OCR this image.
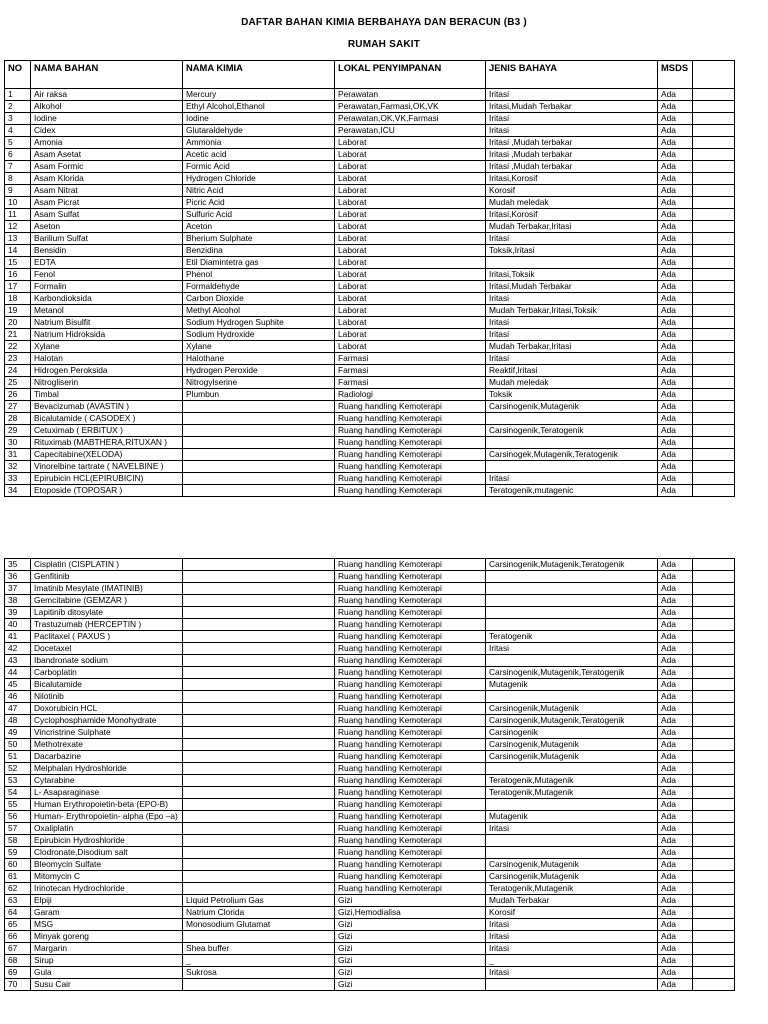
DAFTAR BAHAN KIMIA BERBAHAYA DAN BERACUN (B3 )
RUMAH SAKIT
NO	NAMA BAHAN	NAMA KIMIA	LOKAL PENYIMPANAN	JENIS BAHAYA	MSDS	
1	Air raksa	Mercury	Perawatan	Iritasi	Ada	
2	Alkohol	Ethyl Alcohol,Ethanol	Perawatan,Farmasi,OK,VK	Iritasi,Mudah Terbakar	Ada	
3	Iodine	Iodine	Perawatan,OK,VK,Farmasi	Iritasi	Ada	
4	Cidex	Glutaraldehyde	Perawatan,ICU	Iritasi	Ada	
5	Amonia	Ammonia	Laborat	Iritasi ,Mudah terbakar	Ada	
6	Asam Asetat	Acetic acid	Laborat	Iritasi ,Mudah terbakar	Ada	
7	Asam Formic	Formic Acid	Laborat	Iritasi ,Mudah terbakar	Ada	
8	Asam Klorida	Hydrogen Chloride	Laborat	Iritasi,Korosif	Ada	
9	Asam Nitrat	Nitric Acid	Laborat	Korosif	Ada	
10	Asam Picrat	Picric Acid	Laborat	Mudah meledak	Ada	
11	Asam Sulfat	Sulfuric Acid	Laborat	Iritasi,Korosif	Ada	
12	Aseton	Aceton	Laborat	Mudah Terbakar,Iritasi	Ada	
13	Barilium Sulfat	Bherium Sulphate	Laborat	Iritasi	Ada	
14	Bensidin	Benzidina	Laborat	Toksik,Iritasi	Ada	
15	EDTA	Etil Diamintetra gas	Laborat		Ada	
16	Fenol	Phenol	Laborat	Iritasi,Toksik	Ada	
17	Formalin	Formaldehyde	Laborat	Iritasi,Mudah Terbakar	Ada	
18	Karbondioksida	Carbon Dioxide	Laborat	Iritasi	Ada	
19	Metanol	Methyl Alcohol	Laborat	Mudah Terbakar,Iritasi,Toksik	Ada	
20	Natrium Bisulfit	Sodium Hydrogen Suphite	Laborat	Iritasi	Ada	
21	Natrium Hidroksida	Sodium Hydroxide	Laborat	Iritasi	Ada	
22	Xylane	Xylane	Laborat	Mudah Terbakar,Iritasi	Ada	
23	Halotan	Halothane	Farmasi	Iritasi	Ada	
24	Hidrogen Peroksida	Hydrogen Peroxide	Farmasi	Reaktif,Iritasi	Ada	
25	Nitrogliserin	Nitrogylserine	Farmasi	Mudah meledak	Ada	
26	Timbal	Plumbun	Radiologi	Toksik	Ada	
27	Bevacizumab (AVASTIN )		Ruang handling Kemoterapi	Carsinogenik,Mutagenik	Ada	
28	Bicalutamide ( CASODEX )		Ruang handling Kemoterapi		Ada	
29	Cetuximab ( ERBITUX )		Ruang handling Kemoterapi	Carsinogenik,Teratogenik	Ada	
30	Rituximab (MABTHERA,RITUXAN )		Ruang handling Kemoterapi		Ada	
31	Capecitabine(XELODA)		Ruang handling Kemoterapi	Carsinogek,Mutagenik,Teratogenik	Ada	
32	Vinorelbine tartrate ( NAVELBINE )		Ruang handling Kemoterapi		Ada	
33	Epirubicin HCL(EPIRUBICIN)		Ruang handling Kemoterapi	Iritasi	Ada	
34	Etoposide (TOPOSAR )		Ruang handling Kemoterapi	Teratogenik,mutagenic	Ada	
35	Cisplatin (CISPLATIN )		Ruang handling Kemoterapi	Carsinogenik,Mutagenik,Teratogenik	Ada	
36	Genfitinib		Ruang handling Kemoterapi		Ada	
37	Imatinib Mesylate (IMATINIB)		Ruang handling Kemoterapi		Ada	
38	Gemcitabine (GEMZAR )		Ruang handling Kemoterapi		Ada	
39	Lapitinib ditosylate		Ruang handling Kemoterapi		Ada	
40	Trastuzumab (HERCEPTIN )		Ruang handling Kemoterapi		Ada	
41	Paclitaxel ( PAXUS )		Ruang handling Kemoterapi	Teratogenik	Ada	
42	Docetaxel		Ruang handling Kemoterapi	Iritasi	Ada	
43	Ibandronate sodium		Ruang handling Kemoterapi		Ada	
44	Carboplatin		Ruang handling Kemoterapi	Carsinogenik,Mutagenik,Teratogenik	Ada	
45	Bicalutamide		Ruang handling Kemoterapi	Mutagenik	Ada	
46	Nilotinib		Ruang handling Kemoterapi		Ada	
47	Doxorubicin HCL		Ruang handling Kemoterapi	Carsinogenik,Mutagenik	Ada	
48	Cyclophosphamide Monohydrate		Ruang handling Kemoterapi	Carsinogenik,Mutagenik,Teratogenik	Ada	
49	Vincristrine Sulphate		Ruang handling Kemoterapi	Carsinogenik	Ada	
50	Methotrexate		Ruang handling Kemoterapi	Carsinogenik,Mutagenik	Ada	
51	Dacarbazine		Ruang handling Kemoterapi	Carsinogenik,Mutagenik	Ada	
52	Melphalan Hydroshloride		Ruang handling Kemoterapi		Ada	
53	Cytarabine		Ruang handling Kemoterapi	Teratogenik,Mutagenik	Ada	
54	L- Asaparaginase		Ruang handling Kemoterapi	Teratogenik,Mutagenik	Ada	
55	Human Erythropoietin-beta (EPO-B)		Ruang handling Kemoterapi		Ada	
56	Human- Erythropoietin- alpha (Epo –a)		Ruang handling Kemoterapi	Mutagenik	Ada	
57	Oxaliplatin		Ruang handling Kemoterapi	Iritasi	Ada	
58	Epirubicin Hydroshloride		Ruang handling Kemoterapi		Ada	
59	Clodronate,Disodium salt		Ruang handling Kemoterapi		Ada	
60	Bleomycin Sulfate		Ruang handling Kemoterapi	Carsinogenik,Mutagenik	Ada	
61	Mitomycin C		Ruang handling Kemoterapi	Carsinogenik,Mutagenik	Ada	
62	Irinotecan Hydrochloride		Ruang handling Kemoterapi	Teratogenik,Mutagenik	Ada	
63	Elpiji	Liquid Petrolium Gas	Gizi	Mudah Terbakar	Ada	
64	Garam	Natrium Clorida	Gizi,Hemodialisa	Korosif	Ada	
65	MSG	Monosodium Glutamat	Gizi	Iritasi	Ada	
66	Minyak goreng		Gizi	Iritasi	Ada	
67	Margarin	Shea buffer	Gizi	Iritasi	Ada	
68	Sirup	_	Gizi	_	Ada	
69	Gula	Sukrosa	Gizi	Iritasi	Ada	
70	Susu Cair		Gizi		Ada	
